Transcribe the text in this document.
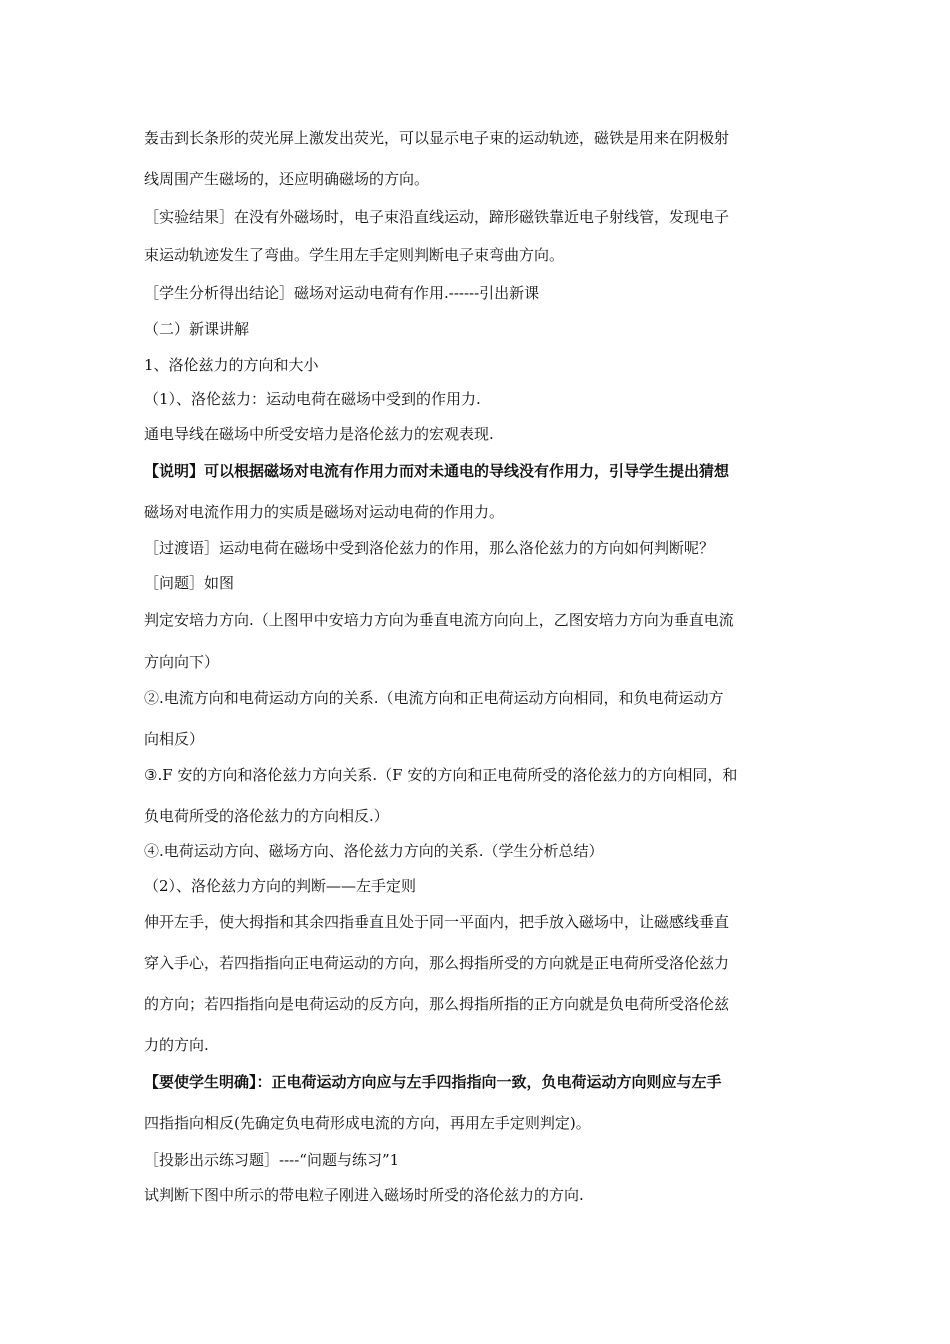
轰击到长条形的荧光屏上激发出荧光，可以显示电子束的运动轨迹，磁铁是用来在阴极射
线周围产生磁场的，还应明确磁场的方向。
［实验结果］在没有外磁场时，电子束沿直线运动，蹄形磁铁靠近电子射线管，发现电子
束运动轨迹发生了弯曲。学生用左手定则判断电子束弯曲方向。
［学生分析得出结论］磁场对运动电荷有作用.------引出新课
（二）新课讲解
1、洛伦兹力的方向和大小
（1）、洛伦兹力：运动电荷在磁场中受到的作用力.
通电导线在磁场中所受安培力是洛伦兹力的宏观表现.
【说明】可以根据磁场对电流有作用力而对未通电的导线没有作用力，引导学生提出猜想
磁场对电流作用力的实质是磁场对运动电荷的作用力。
［过渡语］运动电荷在磁场中受到洛伦兹力的作用，那么洛伦兹力的方向如何判断呢？
［问题］如图
判定安培力方向.（上图甲中安培力方向为垂直电流方向向上，乙图安培力方向为垂直电流
方向向下）
②.电流方向和电荷运动方向的关系.（电流方向和正电荷运动方向相同，和负电荷运动方
向相反）
③.F 安的方向和洛伦兹力方向关系.（F 安的方向和正电荷所受的洛伦兹力的方向相同，和
负电荷所受的洛伦兹力的方向相反.）
④.电荷运动方向、磁场方向、洛伦兹力方向的关系.（学生分析总结）
（2）、洛伦兹力方向的判断——左手定则
伸开左手，使大拇指和其余四指垂直且处于同一平面内，把手放入磁场中，让磁感线垂直
穿入手心，若四指指向正电荷运动的方向，那么拇指所受的方向就是正电荷所受洛伦兹力
的方向；若四指指向是电荷运动的反方向，那么拇指所指的正方向就是负电荷所受洛伦兹
力的方向.
【要使学生明确】：正电荷运动方向应与左手四指指向一致，负电荷运动方向则应与左手
四指指向相反(先确定负电荷形成电流的方向，再用左手定则判定)。
［投影出示练习题］----“问题与练习”1
试判断下图中所示的带电粒子刚进入磁场时所受的洛伦兹力的方向.
